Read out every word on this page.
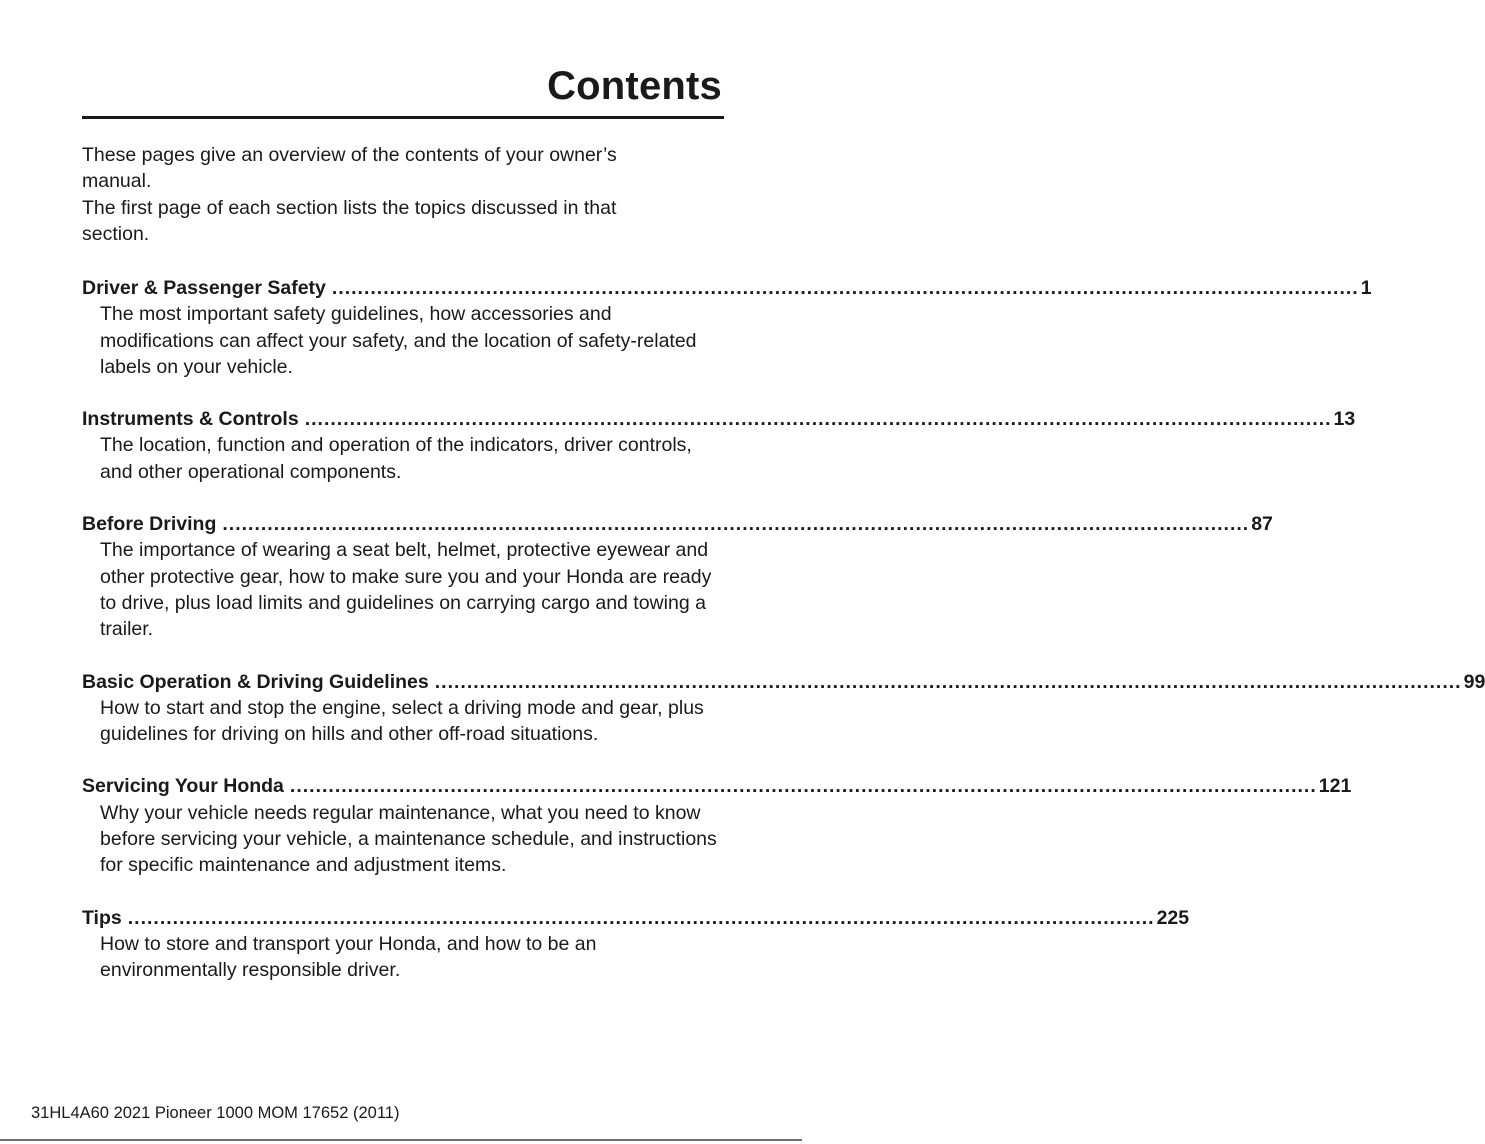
Contents

These pages give an overview of the contents of your owner’s manual.

The first page of each section lists the topics discussed in that section.

Driver & Passenger Safety ................................................................................................................................................................ 1

The most important safety guidelines, how accessories and modifications can affect your safety, and the location of safety-related labels on your vehicle.

Instruments & Controls ................................................................................................................................................................ 13

The location, function and operation of the indicators, driver controls, and other operational components.

Before Driving ................................................................................................................................................................ 87

The importance of wearing a seat belt, helmet, protective eyewear and other protective gear, how to make sure you and your Honda are ready to drive, plus load limits and guidelines on carrying cargo and towing a trailer.

Basic Operation & Driving Guidelines ................................................................................................................................................................ 99

How to start and stop the engine, select a driving mode and gear, plus guidelines for driving on hills and other off-road situations.

Servicing Your Honda ................................................................................................................................................................ 121

Why your vehicle needs regular maintenance, what you need to know before servicing your vehicle, a maintenance schedule, and instructions for specific maintenance and adjustment items.

Tips ................................................................................................................................................................ 225

How to store and transport your Honda, and how to be an environmentally responsible driver.

31HL4A60 2021 Pioneer 1000 MOM 17652 (2011)
